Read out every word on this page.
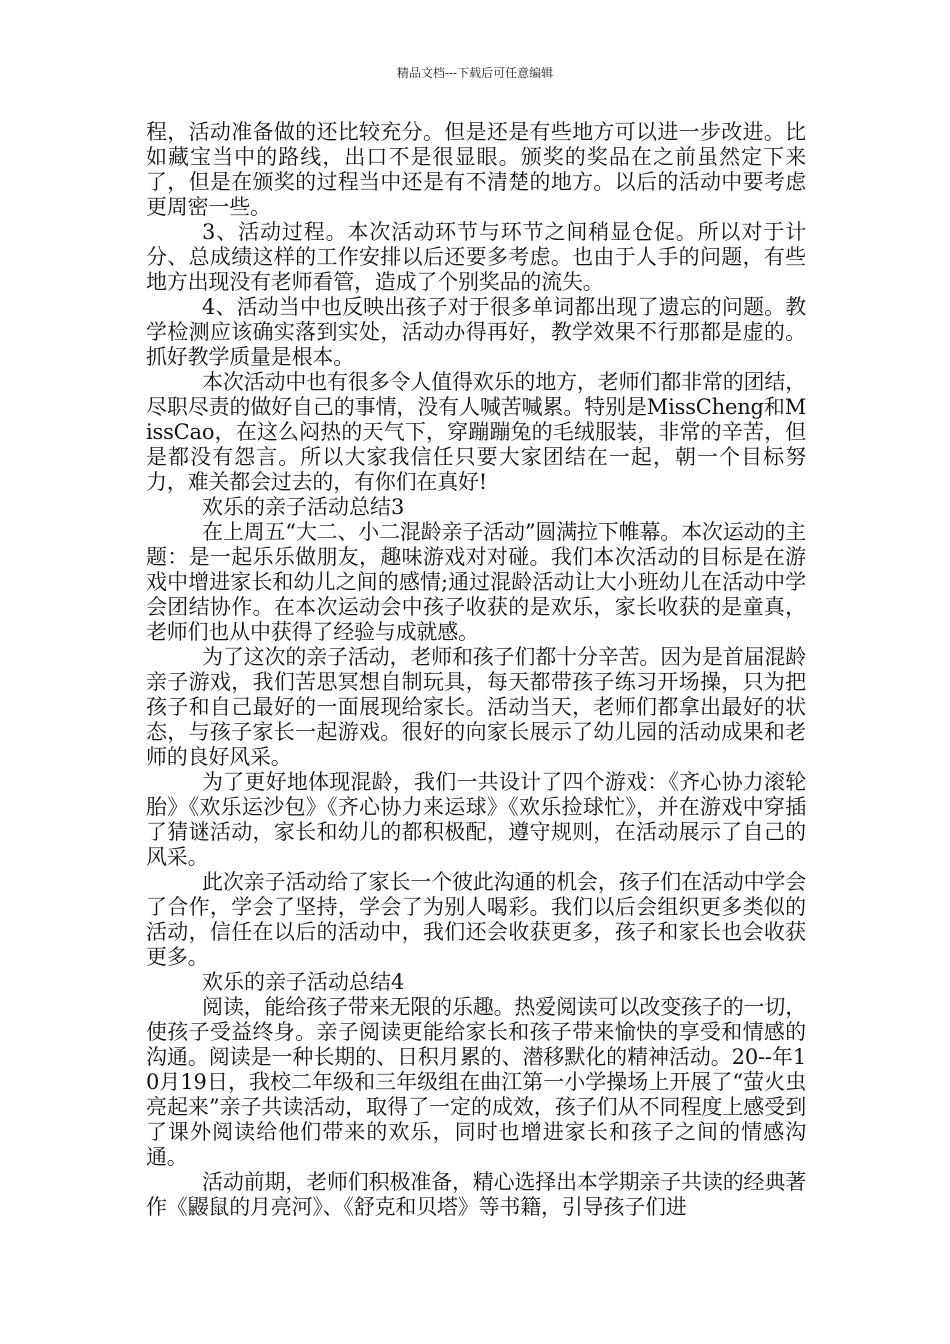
精品文档---下载后可任意编辑

程，活动准备做的还比较充分。但是还是有些地方可以进一步改进。比如藏宝当中的路线，出口不是很显眼。颁奖的奖品在之前虽然定下来了，但是在颁奖的过程当中还是有不清楚的地方。以后的活动中要考虑更周密一些。

3、活动过程。本次活动环节与环节之间稍显仓促。所以对于计分、总成绩这样的工作安排以后还要多考虑。也由于人手的问题，有些地方出现没有老师看管，造成了个别奖品的流失。

4、活动当中也反映出孩子对于很多单词都出现了遗忘的问题。教学检测应该确实落到实处，活动办得再好，教学效果不行那都是虚的。抓好教学质量是根本。

本次活动中也有很多令人值得欢乐的地方，老师们都非常的团结，尽职尽责的做好自己的事情，没有人喊苦喊累。特别是MissCheng和MissCao，在这么闷热的天气下，穿蹦蹦兔的毛绒服装，非常的辛苦，但是都没有怨言。所以大家我信任只要大家团结在一起，朝一个目标努力，难关都会过去的，有你们在真好!

欢乐的亲子活动总结3

在上周五“大二、小二混龄亲子活动”圆满拉下帷幕。本次运动的主题：是一起乐乐做朋友，趣味游戏对对碰。我们本次活动的目标是在游戏中增进家长和幼儿之间的感情;通过混龄活动让大小班幼儿在活动中学会团结协作。在本次运动会中孩子收获的是欢乐，家长收获的是童真，老师们也从中获得了经验与成就感。

为了这次的亲子活动，老师和孩子们都十分辛苦。因为是首届混龄亲子游戏，我们苦思冥想自制玩具，每天都带孩子练习开场操，只为把孩子和自己最好的一面展现给家长。活动当天，老师们都拿出最好的状态，与孩子家长一起游戏。很好的向家长展示了幼儿园的活动成果和老师的良好风采。

为了更好地体现混龄，我们一共设计了四个游戏：《齐心协力滚轮胎》《欢乐运沙包》《齐心协力来运球》《欢乐捡球忙》，并在游戏中穿插了猜谜活动，家长和幼儿的都积极配，遵守规则，在活动展示了自己的风采。

此次亲子活动给了家长一个彼此沟通的机会，孩子们在活动中学会了合作，学会了坚持，学会了为别人喝彩。我们以后会组织更多类似的活动，信任在以后的活动中，我们还会收获更多，孩子和家长也会收获更多。

欢乐的亲子活动总结4

阅读，能给孩子带来无限的乐趣。热爱阅读可以改变孩子的一切，使孩子受益终身。亲子阅读更能给家长和孩子带来愉快的享受和情感的沟通。阅读是一种长期的、日积月累的、潜移默化的精神活动。20--年10月19日，我校二年级和三年级组在曲江第一小学操场上开展了“萤火虫亮起来”亲子共读活动，取得了一定的成效，孩子们从不同程度上感受到了课外阅读给他们带来的欢乐，同时也增进家长和孩子之间的情感沟通。

活动前期，老师们积极准备，精心选择出本学期亲子共读的经典著作《鼹鼠的月亮河》、《舒克和贝塔》等书籍，引导孩子们进
